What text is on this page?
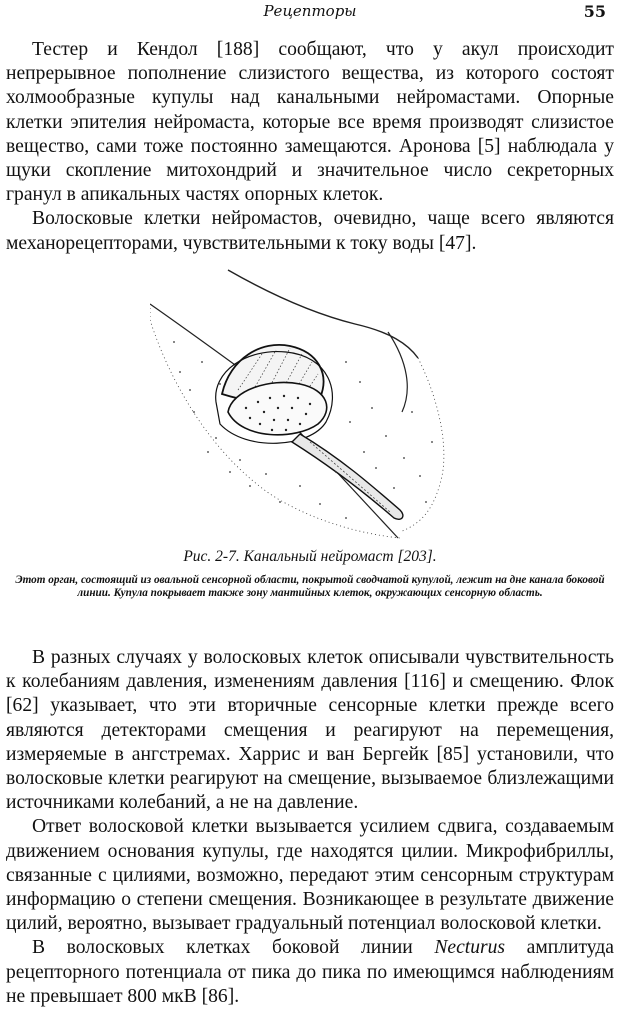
Рецепторы	55

Тестер и Кендол [188] сообщают, что у акул происходит непрерывное пополнение слизистого вещества, из которого состоят холмообразные купулы над канальными нейромастами. Опорные клетки эпителия нейромаста, которые все время производят слизистое вещество, сами тоже постоянно замещаются. Аронова [5] наблюдала у щуки скопление митохондрий и значительное число секреторных гранул в апикальных частях опорных клеток.

Волосковые клетки нейромастов, очевидно, чаще всего являются механорецепторами, чувствительными к току воды [47].

Рис. 2-7. Канальный нейромаст [203].
Этот орган, состоящий из овальной сенсорной области, покрытой сводчатой купулой, лежит на дне канала боковой линии. Купула покрывает также зону мантийных клеток, окружающих сенсорную область.

В разных случаях у волосковых клеток описывали чувствительность к колебаниям давления, изменениям давления [116] и смещению. Флок [62] указывает, что эти вторичные сенсорные клетки прежде всего являются детекторами смещения и реагируют на перемещения, измеряемые в ангстремах. Харрис и ван Бергейк [85] установили, что волосковые клетки реагируют на смещение, вызываемое близлежащими источниками колебаний, а не на давление.

Ответ волосковой клетки вызывается усилием сдвига, создаваемым движением основания купулы, где находятся цилии. Микрофибриллы, связанные с цилиями, возможно, передают этим сенсорным структурам информацию о степени смещения. Возникающее в результате движение цилий, вероятно, вызывает градуальный потенциал волосковой клетки.

В волосковых клетках боковой линии Necturus амплитуда рецепторного потенциала от пика до пика по имеющимся наблюдениям не превышает 800 мкВ [86].
